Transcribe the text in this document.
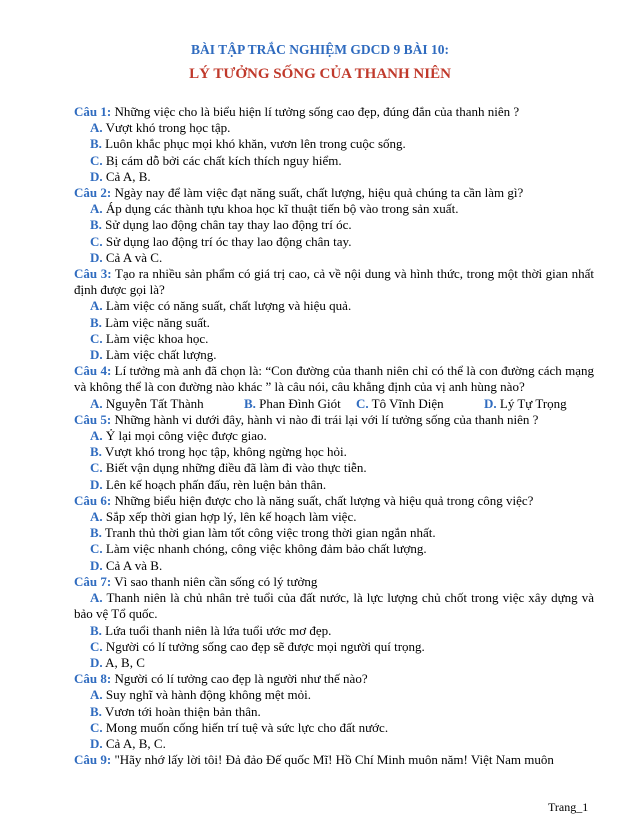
BÀI TẬP TRẮC NGHIỆM GDCD 9 BÀI 10:
LÝ TƯỞNG SỐNG CỦA THANH NIÊN

Câu 1: Những việc cho là biểu hiện lí tưởng sống cao đẹp, đúng đắn của thanh niên ?

A. Vượt khó trong học tập.

B. Luôn khắc phục mọi khó khăn, vươn lên trong cuộc sống.

C. Bị cám dỗ bởi các chất kích thích nguy hiểm.

D. Cả A, B.

Câu 2: Ngày nay để làm việc đạt năng suất, chất lượng, hiệu quả chúng ta cần làm gì?

A. Áp dụng các thành tựu khoa học kĩ thuật tiến bộ vào trong sản xuất.

B. Sử dụng lao động chân tay thay lao động trí óc.

C. Sử dụng lao động trí óc thay lao động chân tay.

D. Cả A và C.

Câu 3: Tạo ra nhiều sản phẩm có giá trị cao, cả về nội dung và hình thức, trong một thời gian nhất định được gọi là?

A. Làm việc có năng suất, chất lượng và hiệu quả.

B. Làm việc năng suất.

C. Làm việc khoa học.

D. Làm việc chất lượng.

Câu 4: Lí tưởng mà anh đã chọn là: “Con đường của thanh niên chỉ có thể là con đường cách mạng và không thể là con đường nào khác ” là câu nói, câu khẳng định của vị anh hùng nào?

A. Nguyễn Tất Thành	B. Phan Đình Giót	C. Tô Vĩnh Diện	D. Lý Tự Trọng

Câu 5: Những hành vi dưới đây, hành vi nào đi trái lại với lí tưởng sống của thanh niên ?

A. Ỷ lại mọi công việc được giao.

B. Vượt khó trong học tập, không ngừng học hỏi.

C. Biết vận dụng những điều đã làm đi vào thực tiễn.

D. Lên kế hoạch phấn đấu, rèn luện bản thân.

Câu 6: Những biểu hiện được cho là năng suất, chất lượng và hiệu quả trong công việc?

A. Sắp xếp thời gian hợp lý, lên kế hoạch làm việc.

B. Tranh thủ thời gian làm tốt công việc trong thời gian ngắn nhất.

C. Làm việc nhanh chóng, công việc không đảm bảo chất lượng.

D. Cả A và B.

Câu 7: Vì sao thanh niên cần sống có lý tưởng

A. Thanh niên là chủ nhân trẻ tuổi của đất nước, là lực lượng chủ chốt trong việc xây dựng và bảo vệ Tổ quốc.

B. Lứa tuổi thanh niên là lứa tuổi ước mơ đẹp.

C. Người có lí tưởng sống cao đẹp sẽ được mọi người quí trọng.

D. A, B, C

Câu 8: Người có lí tưởng cao đẹp là người như thế nào?

A. Suy nghĩ và hành động không mệt mỏi.

B. Vươn tới hoàn thiện bản thân.

C. Mong muốn cống hiến trí tuệ và sức lực cho đất nước.

D. Cả A, B, C.

Câu 9: "Hãy nhớ lấy lời tôi! Đả đảo Đế quốc Mĩ! Hồ Chí Minh muôn năm! Việt Nam muôn

Trang_1
